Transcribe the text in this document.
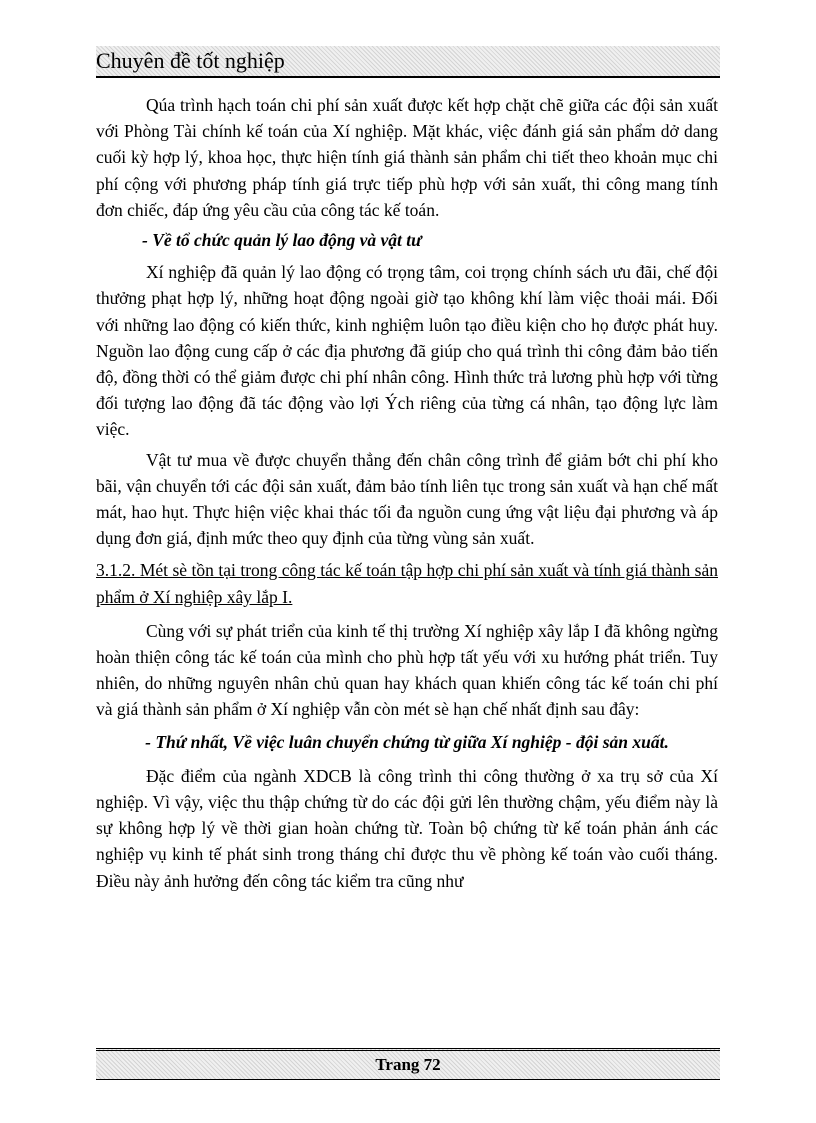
Chuyên đề tốt nghiệp

Qúa trình hạch toán chi phí sản xuất được kết hợp chặt chẽ giữa các đội sản xuất với Phòng Tài chính kế toán của Xí nghiệp. Mặt khác, việc đánh giá sản phẩm dở dang cuối kỳ hợp lý, khoa học, thực hiện tính giá thành sản phẩm chi tiết theo khoản mục chi phí cộng với phương pháp tính giá trực tiếp phù hợp với sản xuất, thi công mang tính đơn chiếc, đáp ứng yêu cầu của công tác kế toán.

- Về tổ chức quản lý lao động và vật tư

Xí nghiệp đã quản lý lao động có trọng tâm, coi trọng chính sách ưu đãi, chế đội thưởng phạt hợp lý, những hoạt động ngoài giờ tạo không khí làm việc thoải mái. Đối với những lao động có kiến thức, kinh nghiệm luôn tạo điều kiện cho họ được phát huy. Nguồn lao động cung cấp ở các địa phương đã giúp cho quá trình thi công đảm bảo tiến độ, đồng thời có thể giảm được chi phí nhân công. Hình thức trả lương phù hợp với từng đối tượng lao động đã tác động vào lợi Ých riêng của từng cá nhân, tạo động lực làm việc.

Vật tư mua về được chuyển thẳng đến chân công trình để giảm bớt chi phí kho bãi, vận chuyển tới các đội sản xuất, đảm bảo tính liên tục trong sản xuất và hạn chế mất mát, hao hụt. Thực hiện việc khai thác tối đa nguồn cung ứng vật liệu đại phương và áp dụng đơn giá, định mức theo quy định của từng vùng sản xuất.

3.1.2. Mét sè tồn tại trong công tác kế toán tập hợp chi phí sản xuất và tính giá thành sản phẩm ở Xí nghiệp xây lắp I.

Cùng với sự phát triển của kinh tế thị trường Xí nghiệp xây lắp I đã không ngừng hoàn thiện công tác kế toán của mình cho phù hợp tất yếu với xu hướng phát triển. Tuy nhiên, do những nguyên nhân chủ quan hay khách quan khiến công tác kế toán chi phí và giá thành sản phẩm ở Xí nghiệp vẫn còn mét sè hạn chế nhất định sau đây:

- Thứ nhất, Về việc luân chuyển chứng từ giữa Xí nghiệp - đội sản xuất.

Đặc điểm của ngành XDCB là công trình thi công thường ở xa trụ sở của Xí nghiệp. Vì vậy, việc thu thập chứng từ do các đội gửi lên thường chậm, yếu điểm này là sự không hợp lý về thời gian hoàn chứng từ. Toàn bộ chứng từ kế toán phản ánh các nghiệp vụ kinh tế phát sinh trong tháng chỉ được thu về phòng kế toán vào cuối tháng. Điều này ảnh hưởng đến công tác kiểm tra cũng như

Trang 72
